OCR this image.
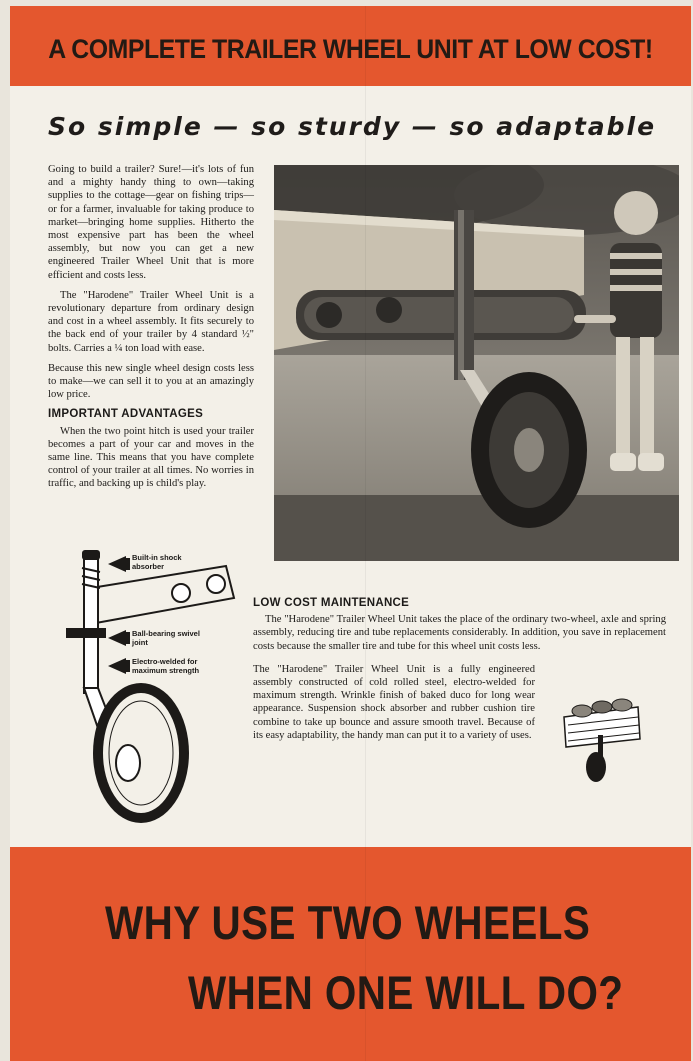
A COMPLETE TRAILER WHEEL UNIT AT LOW COST!
So simple — so sturdy — so adaptable

Going to build a trailer? Sure!—it's lots of fun and a mighty handy thing to own—taking supplies to the cottage—gear on fishing trips—or for a farmer, invaluable for taking produce to market—bringing home supplies. Hitherto the most expensive part has been the wheel assembly, but now you can get a new engineered Trailer Wheel Unit that is more efficient and costs less.

The "Harodene" Trailer Wheel Unit is a revolutionary departure from ordinary design and cost in a wheel assembly. It fits securely to the back end of your trailer by 4 standard ½" bolts. Carries a ¼ ton load with ease.

Because this new single wheel design costs less to make—we can sell it to you at an amazingly low price.

IMPORTANT ADVANTAGES

When the two point hitch is used your trailer becomes a part of your car and moves in the same line. This means that you have complete control of your trailer at all times. No worries in traffic, and backing up is child's play.

Built-in shock absorber
Ball-bearing swivel joint
Electro-welded for maximum strength
LOW COST MAINTENANCE

The "Harodene" Trailer Wheel Unit takes the place of the ordinary two-wheel, axle and spring assembly, reducing tire and tube replacements considerably. In addition, you save in replacement costs because the smaller tire and tube for this wheel unit costs less.

The "Harodene" Trailer Wheel Unit is a fully engineered assembly constructed of cold rolled steel, electro-welded for maximum strength. Wrinkle finish of baked duco for long wear appearance. Suspension shock absorber and rubber cushion tire combine to take up bounce and assure smooth travel. Because of its easy adaptability, the handy man can put it to a variety of uses.

WHY USE TWO WHEELS

WHEN ONE WILL DO?
